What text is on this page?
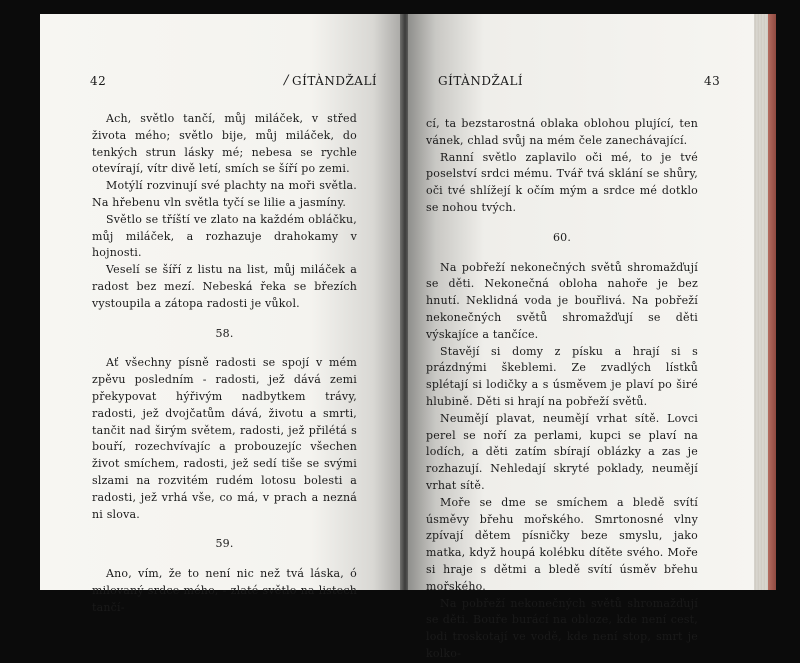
42	/ GÍTÀNDŽALÍ

Ach, světlo tančí, můj miláček, v střed života mého; světlo bije, můj miláček, do tenkých strun lásky mé; nebesa se rychle otevírají, vítr divě letí, smích se šíří po zemi.

Motýlí rozvinují své plachty na moři světla. Na hřebenu vln světla tyčí se lilie a jasmíny.

Světlo se tříští ve zlato na každém obláčku, můj miláček, a rozhazuje drahokamy v hojnosti.

Veselí se šíří z listu na list, můj miláček a radost bez mezí. Nebeská řeka se březích vystoupila a zátopa radosti je vůkol.

58.

Ať všechny písně radosti se spojí v mém zpěvu posledním - radosti, jež dává zemi překypovat hýřivým nadbytkem trávy, radosti, jež dvojčatům dává, životu a smrti, tančit nad širým světem, radosti, jež přilétá s bouří, rozechvívajíc a probouzejíc všechen život smíchem, radosti, jež sedí tiše se svými slzami na rozvitém rudém lotosu bolesti a radosti, jež vrhá vše, co má, v prach a nezná ni slova.

59.

Ano, vím, že to není nic než tvá láska, ó milovaný srdce mého, - zlaté světlo na listech tančí-

GÍTÀNDŽALÍ	43

cí, ta bezstarostná oblaka oblohou plující, ten vánek, chlad svůj na mém čele zanechávající.

Ranní světlo zaplavilo oči mé, to je tvé poselství srdci mému. Tvář tvá sklání se shůry, oči tvé shlížejí k očím mým a srdce mé dotklo se nohou tvých.

60.

Na pobřeží nekonečných světů shromažďují se děti. Nekonečná obloha nahoře je bez hnutí. Neklidná voda je bouřlivá. Na pobřeží nekonečných světů shromažďují se děti výskajíce a tančíce.

Stavějí si domy z písku a hrají si s prázdnými škeblemi. Ze zvadlých lístků splétají si lodičky a s úsměvem je plaví po širé hlubině. Děti si hrají na pobřeží světů.

Neumějí plavat, neumějí vrhat sítě. Lovci perel se noří za perlami, kupci se plaví na lodích, a děti zatím sbírají oblázky a zas je rozhazují. Nehledají skryté poklady, neumějí vrhat sítě.

Moře se dme se smíchem a bledě svítí úsměvy břehu mořského. Smrtonosné vlny zpívají dětem písničky beze smyslu, jako matka, když houpá kolébku dítěte svého. Moře si hraje s dětmi a bledě svítí úsměv břehu mořského.

Na pobřeží nekonečných světů shromažďují se děti. Bouře burácí na obloze, kde není cest, lodi troskotají ve vodě, kde není stop, smrt je kolko-
